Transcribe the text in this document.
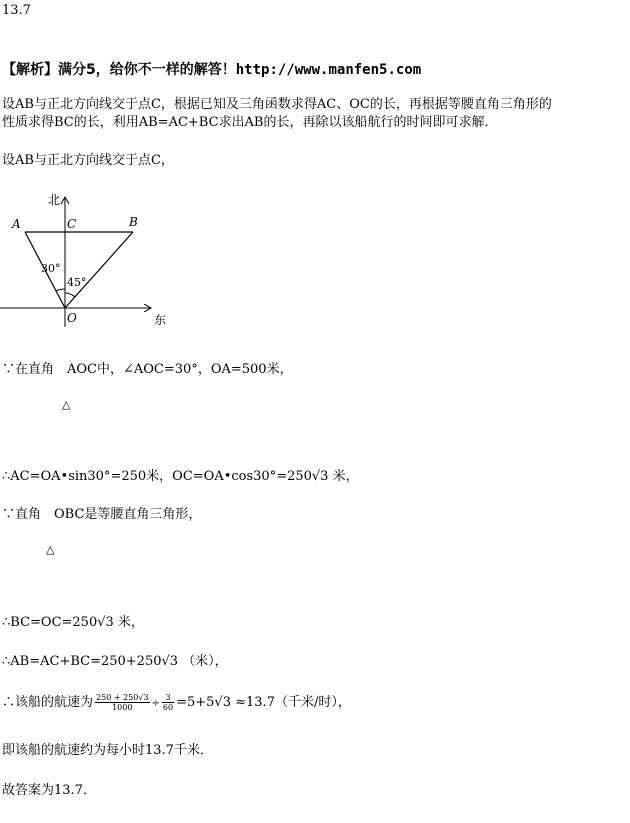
13.7
【解析】满分5，给你不一样的解答！http://www.manfen5.com
设AB与正北方向线交于点C，根据已知及三角函数求得AC、OC的长，再根据等腰直角三角形的
性质求得BC的长，利用AB=AC+BC求出AB的长，再除以该船航行的时间即可求解．
设AB与正北方向线交于点C，
北
A	C	B
30°
45°
O	东
∵在直角　AOC中，∠AOC=30°，OA=500米，
△
∴AC=OA•sin30°=250米，OC=OA•cos30°=250√3 米，
∵直角　OBC是等腰直角三角形，
△
∴BC=OC=250√3 米，
∴AB=AC+BC=250+250√3 （米），
∴该船的航速为 $\frac{250 + 250√3}{1000} \div \frac{3}{60} =5+5√3 \approx 13.7$（千米/时），
即该船的航速约为每小时13.7千米．
故答案为13.7．
